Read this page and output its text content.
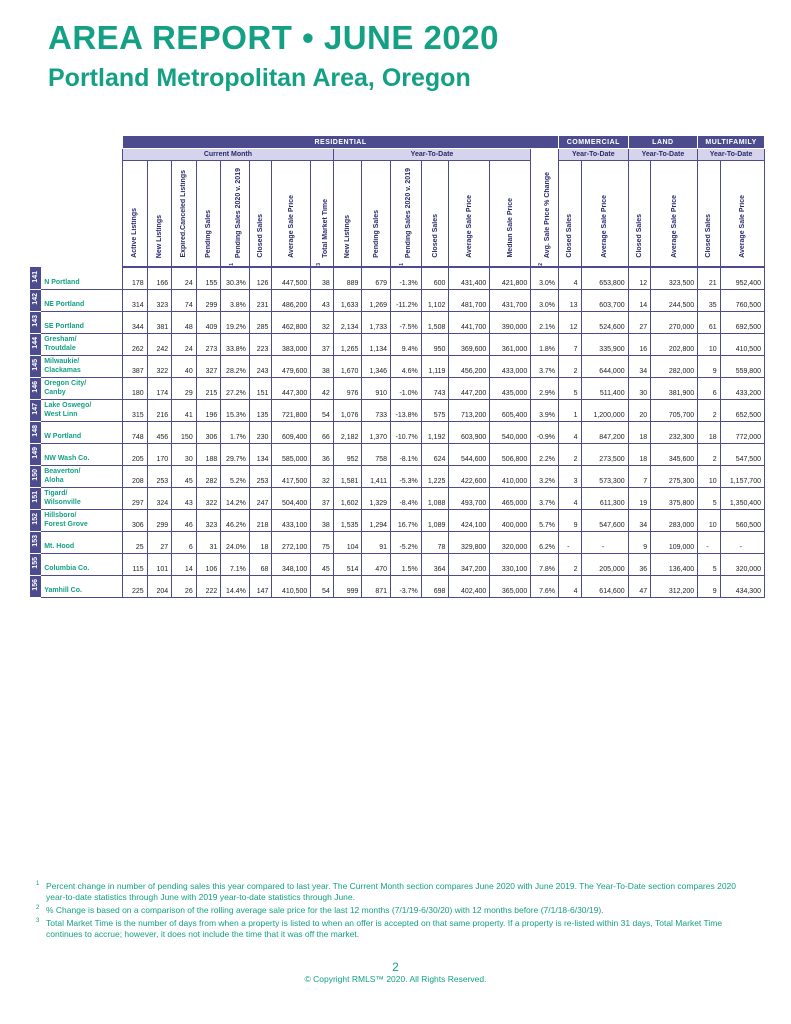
AREA REPORT • JUNE 2020
Portland Metropolitan Area, Oregon
		RESIDENTIAL															COMMERCIAL		LAND		MULTIFAMILY	
		Current Month								Year-To-Date							Year-To-Date		Year-To-Date		Year-To-Date	
		Active Listings	New Listings	Expired.Canceled Listings	Pending Sales	1Pending Sales 2020 v. 2019	Closed Sales	Average Sale Price	3Total Market Time	New Listings	Pending Sales	1Pending Sales 2020 v. 2019	Closed Sales	Average Sale Price	Median Sale Price	2Avg. Sale Price % Change	Closed Sales	Average Sale Price	Closed Sales	Average Sale Price	Closed Sales	Average Sale Price
141	N Portland	178	166	24	155	30.3%	126	447,500	38	889	679	-1.3%	600	431,400	421,800	3.0%	4	653,800	12	323,500	21	952,400
142	NE Portland	314	323	74	299	3.8%	231	486,200	43	1,633	1,269	-11.2%	1,102	481,700	431,700	3.0%	13	603,700	14	244,500	35	760,500
143	SE Portland	344	381	48	409	19.2%	285	462,800	32	2,134	1,733	-7.5%	1,508	441,700	390,000	2.1%	12	524,600	27	270,000	61	692,500
144	Gresham/
Troutdale	262	242	24	273	33.8%	223	383,000	37	1,265	1,134	9.4%	950	369,600	361,000	1.8%	7	335,900	16	202,800	10	410,500
145	Milwaukie/
Clackamas	387	322	40	327	28.2%	243	479,600	38	1,670	1,346	4.6%	1,119	456,200	433,000	3.7%	2	644,000	34	282,000	9	559,800
146	Oregon City/
Canby	180	174	29	215	27.2%	151	447,300	42	976	910	-1.0%	743	447,200	435,000	2.9%	5	511,400	30	381,900	6	433,200
147	Lake Oswego/
West Linn	315	216	41	196	15.3%	135	721,800	54	1,076	733	-13.8%	575	713,200	605,400	3.9%	1	1,200,000	20	705,700	2	652,500
148	W Portland	748	456	150	306	1.7%	230	609,400	66	2,182	1,370	-10.7%	1,192	603,900	540,000	-0.9%	4	847,200	18	232,300	18	772,000
149	NW Wash Co.	205	170	30	188	29.7%	134	585,000	36	952	758	-8.1%	624	544,600	506,800	2.2%	2	273,500	18	345,600	2	547,500
150	Beaverton/
Aloha	208	253	45	282	5.2%	253	417,500	32	1,581	1,411	-5.3%	1,225	422,600	410,000	3.2%	3	573,300	7	275,300	10	1,157,700
151	Tigard/
Wilsonville	297	324	43	322	14.2%	247	504,400	37	1,602	1,329	-8.4%	1,088	493,700	465,000	3.7%	4	611,300	19	375,800	5	1,350,400
152	Hillsboro/
Forest Grove	306	299	46	323	46.2%	218	433,100	38	1,535	1,294	16.7%	1,089	424,100	400,000	5.7%	9	547,600	34	283,000	10	560,500
153	Mt. Hood	25	27	6	31	24.0%	18	272,100	75	104	91	-5.2%	78	329,800	320,000	6.2%	-	-	9	109,000	-	-
155	Columbia Co.	115	101	14	106	7.1%	68	348,100	45	514	470	1.5%	364	347,200	330,100	7.8%	2	205,000	36	136,400	5	320,000
156	Yamhill Co.	225	204	26	222	14.4%	147	410,500	54	999	871	-3.7%	698	402,400	365,000	7.6%	4	614,600	47	312,200	9	434,300
1 Percent change in number of pending sales this year compared to last year. The Current Month section compares June 2020 with June 2019. The Year-To-Date section compares 2020 year-to-date statistics through June with 2019 year-to-date statistics through June.
2 % Change is based on a comparison of the rolling average sale price for the last 12 months (7/1/19-6/30/20) with 12 months before (7/1/18-6/30/19).
3 Total Market Time is the number of days from when a property is listed to when an offer is accepted on that same property. If a property is re-listed within 31 days, Total Market Time continues to accrue; however, it does not include the time that it was off the market.
2
© Copyright RMLS™ 2020. All Rights Reserved.
